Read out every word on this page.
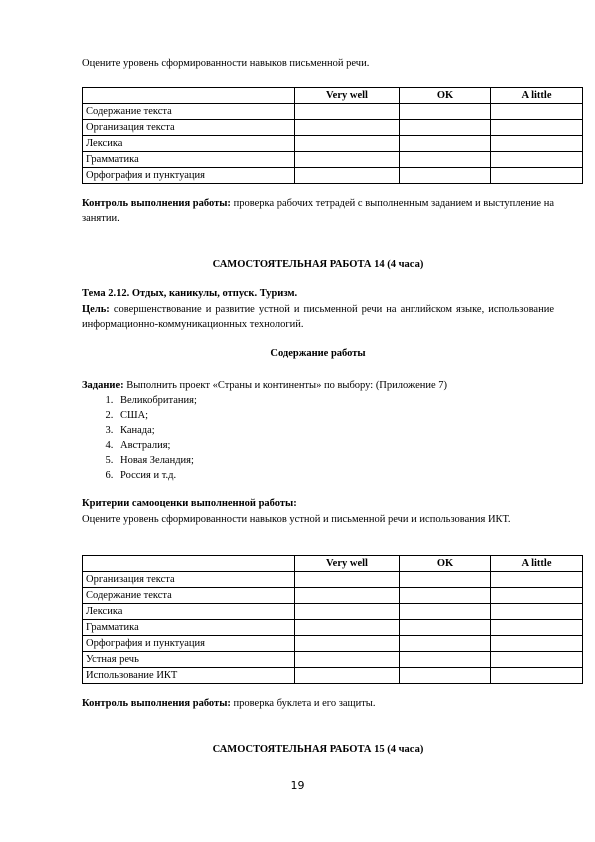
Оцените уровень сформированности навыков письменной речи.
	Very well	OK	A little
Содержание текста			
Организация текста			
Лексика			
Грамматика			
Орфография и пунктуация			
Контроль выполнения работы: проверка рабочих тетрадей с выполненным заданием и выступление на занятии.
САМОСТОЯТЕЛЬНАЯ РАБОТА 14 (4 часа)
Тема 2.12. Отдых, каникулы, отпуск. Туризм.
Цель: совершенствование и развитие устной и письменной речи на английском языке, использование информационно-коммуникационных технологий.
Содержание работы
Задание: Выполнить проект «Страны и континенты» по выбору: (Приложение 7)
1. Великобритания;
2. США;
3. Канада;
4. Австралия;
5. Новая Зеландия;
6. Россия и т.д.
Критерии самооценки выполненной работы:
Оцените уровень сформированности навыков устной и письменной речи и использования ИКТ.
	Very well	OK	A little
Организация текста			
Содержание текста			
Лексика			
Грамматика			
Орфография и пунктуация			
Устная речь			
Использование ИКТ			
Контроль выполнения работы: проверка буклета и его защиты.
САМОСТОЯТЕЛЬНАЯ РАБОТА 15 (4 часа)
19
